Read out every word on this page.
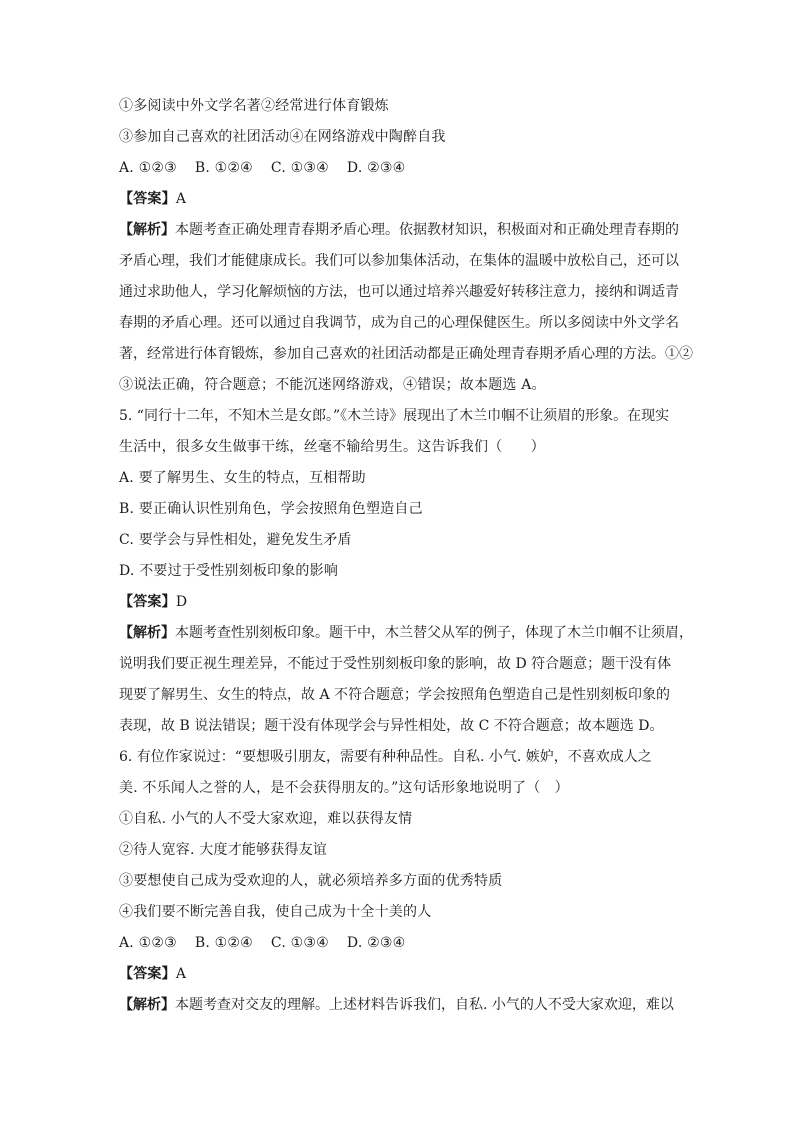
①多阅读中外文学名著②经常进行体育锻炼
③参加自己喜欢的社团活动④在网络游戏中陶醉自我
A. ①②③ B. ①②④ C. ①③④ D. ②③④
【答案】A
【解析】本题考查正确处理青春期矛盾心理。依据教材知识，积极面对和正确处理青春期的
矛盾心理，我们才能健康成长。我们可以参加集体活动，在集体的温暖中放松自己，还可以
通过求助他人，学习化解烦恼的方法，也可以通过培养兴趣爱好转移注意力，接纳和调适青
春期的矛盾心理。还可以通过自我调节，成为自己的心理保健医生。所以多阅读中外文学名
著，经常进行体育锻炼，参加自己喜欢的社团活动都是正确处理青春期矛盾心理的方法。①②
③说法正确，符合题意；不能沉迷网络游戏，④错误；故本题选 A。
5. “同行十二年，不知木兰是女郎。”《木兰诗》展现出了木兰巾帼不让须眉的形象。在现实
生活中，很多女生做事干练，丝毫不输给男生。这告诉我们（　　）
A. 要了解男生、女生的特点，互相帮助
B. 要正确认识性别角色，学会按照角色塑造自己
C. 要学会与异性相处，避免发生矛盾
D. 不要过于受性别刻板印象的影响
【答案】D
【解析】本题考查性别刻板印象。题干中，木兰替父从军的例子，体现了木兰巾帼不让须眉，
说明我们要正视生理差异，不能过于受性别刻板印象的影响，故 D 符合题意；题干没有体
现要了解男生、女生的特点，故 A 不符合题意；学会按照角色塑造自己是性别刻板印象的
表现，故 B 说法错误；题干没有体现学会与异性相处，故 C 不符合题意；故本题选 D。
6. 有位作家说过：“要想吸引朋友，需要有种种品性。自私. 小气. 嫉妒，不喜欢成人之
美. 不乐闻人之誉的人，是不会获得朋友的。”这句话形象地说明了（　）
①自私. 小气的人不受大家欢迎，难以获得友情
②待人宽容. 大度才能够获得友谊
③要想使自己成为受欢迎的人，就必须培养多方面的优秀特质
④我们要不断完善自我，使自己成为十全十美的人
A. ①②③ B. ①②④ C. ①③④ D. ②③④
【答案】A
【解析】本题考查对交友的理解。上述材料告诉我们，自私. 小气的人不受大家欢迎，难以
